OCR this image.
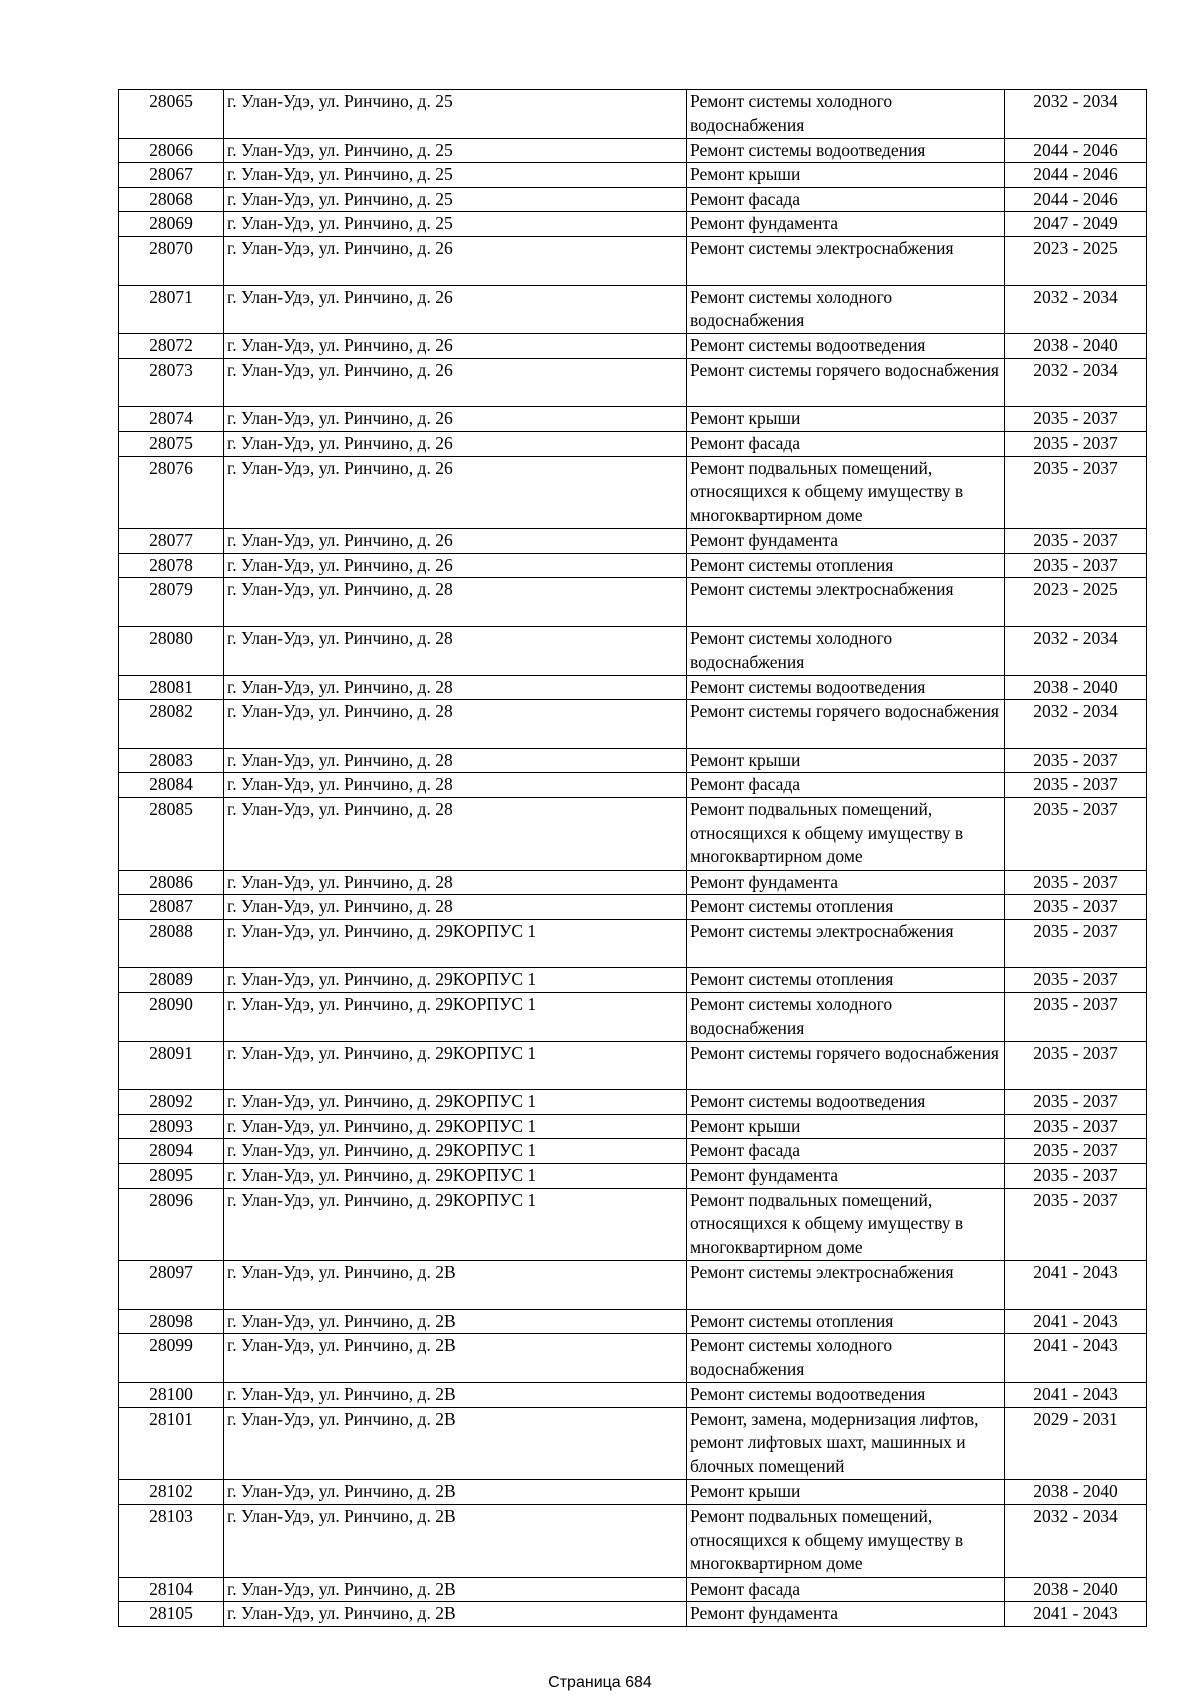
28065	г. Улан-Удэ, ул. Ринчино, д. 25	Ремонт системы холодного водоснабжения	2032 - 2034
28066	г. Улан-Удэ, ул. Ринчино, д. 25	Ремонт системы водоотведения	2044 - 2046
28067	г. Улан-Удэ, ул. Ринчино, д. 25	Ремонт крыши	2044 - 2046
28068	г. Улан-Удэ, ул. Ринчино, д. 25	Ремонт фасада	2044 - 2046
28069	г. Улан-Удэ, ул. Ринчино, д. 25	Ремонт фундамента	2047 - 2049
28070	г. Улан-Удэ, ул. Ринчино, д. 26	Ремонт системы электроснабжения	2023 - 2025
28071	г. Улан-Удэ, ул. Ринчино, д. 26	Ремонт системы холодного водоснабжения	2032 - 2034
28072	г. Улан-Удэ, ул. Ринчино, д. 26	Ремонт системы водоотведения	2038 - 2040
28073	г. Улан-Удэ, ул. Ринчино, д. 26	Ремонт системы горячего водоснабжения	2032 - 2034
28074	г. Улан-Удэ, ул. Ринчино, д. 26	Ремонт крыши	2035 - 2037
28075	г. Улан-Удэ, ул. Ринчино, д. 26	Ремонт фасада	2035 - 2037
28076	г. Улан-Удэ, ул. Ринчино, д. 26	Ремонт подвальных помещений, относящихся к общему имуществу в многоквартирном доме	2035 - 2037
28077	г. Улан-Удэ, ул. Ринчино, д. 26	Ремонт фундамента	2035 - 2037
28078	г. Улан-Удэ, ул. Ринчино, д. 26	Ремонт системы отопления	2035 - 2037
28079	г. Улан-Удэ, ул. Ринчино, д. 28	Ремонт системы электроснабжения	2023 - 2025
28080	г. Улан-Удэ, ул. Ринчино, д. 28	Ремонт системы холодного водоснабжения	2032 - 2034
28081	г. Улан-Удэ, ул. Ринчино, д. 28	Ремонт системы водоотведения	2038 - 2040
28082	г. Улан-Удэ, ул. Ринчино, д. 28	Ремонт системы горячего водоснабжения	2032 - 2034
28083	г. Улан-Удэ, ул. Ринчино, д. 28	Ремонт крыши	2035 - 2037
28084	г. Улан-Удэ, ул. Ринчино, д. 28	Ремонт фасада	2035 - 2037
28085	г. Улан-Удэ, ул. Ринчино, д. 28	Ремонт подвальных помещений, относящихся к общему имуществу в многоквартирном доме	2035 - 2037
28086	г. Улан-Удэ, ул. Ринчино, д. 28	Ремонт фундамента	2035 - 2037
28087	г. Улан-Удэ, ул. Ринчино, д. 28	Ремонт системы отопления	2035 - 2037
28088	г. Улан-Удэ, ул. Ринчино, д. 29КОРПУС 1	Ремонт системы электроснабжения	2035 - 2037
28089	г. Улан-Удэ, ул. Ринчино, д. 29КОРПУС 1	Ремонт системы отопления	2035 - 2037
28090	г. Улан-Удэ, ул. Ринчино, д. 29КОРПУС 1	Ремонт системы холодного водоснабжения	2035 - 2037
28091	г. Улан-Удэ, ул. Ринчино, д. 29КОРПУС 1	Ремонт системы горячего водоснабжения	2035 - 2037
28092	г. Улан-Удэ, ул. Ринчино, д. 29КОРПУС 1	Ремонт системы водоотведения	2035 - 2037
28093	г. Улан-Удэ, ул. Ринчино, д. 29КОРПУС 1	Ремонт крыши	2035 - 2037
28094	г. Улан-Удэ, ул. Ринчино, д. 29КОРПУС 1	Ремонт фасада	2035 - 2037
28095	г. Улан-Удэ, ул. Ринчино, д. 29КОРПУС 1	Ремонт фундамента	2035 - 2037
28096	г. Улан-Удэ, ул. Ринчино, д. 29КОРПУС 1	Ремонт подвальных помещений, относящихся к общему имуществу в многоквартирном доме	2035 - 2037
28097	г. Улан-Удэ, ул. Ринчино, д. 2В	Ремонт системы электроснабжения	2041 - 2043
28098	г. Улан-Удэ, ул. Ринчино, д. 2В	Ремонт системы отопления	2041 - 2043
28099	г. Улан-Удэ, ул. Ринчино, д. 2В	Ремонт системы холодного водоснабжения	2041 - 2043
28100	г. Улан-Удэ, ул. Ринчино, д. 2В	Ремонт системы водоотведения	2041 - 2043
28101	г. Улан-Удэ, ул. Ринчино, д. 2В	Ремонт, замена, модернизация лифтов, ремонт лифтовых шахт, машинных и блочных помещений	2029 - 2031
28102	г. Улан-Удэ, ул. Ринчино, д. 2В	Ремонт крыши	2038 - 2040
28103	г. Улан-Удэ, ул. Ринчино, д. 2В	Ремонт подвальных помещений, относящихся к общему имуществу в многоквартирном доме	2032 - 2034
28104	г. Улан-Удэ, ул. Ринчино, д. 2В	Ремонт фасада	2038 - 2040
28105	г. Улан-Удэ, ул. Ринчино, д. 2В	Ремонт фундамента	2041 - 2043
Страница 684
